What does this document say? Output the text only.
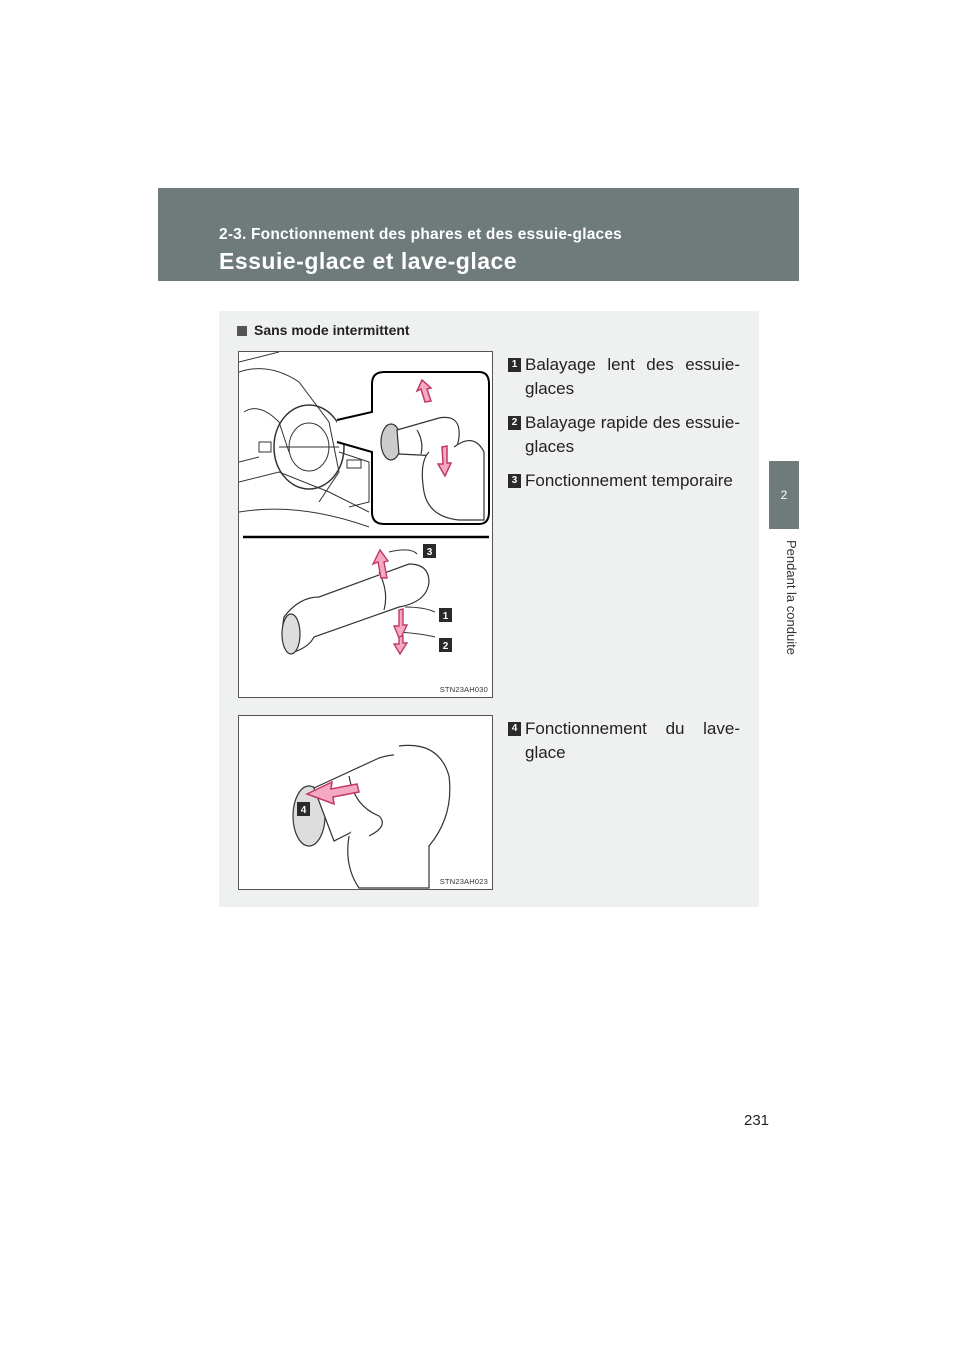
2-3. Fonctionnement des phares et des essuie-glaces
Essuie-glace et lave-glace
2
Pendant la conduite
Sans mode intermittent
3
1
2
STN23AH030
1 Balayage lent des essuie-glaces
2 Balayage rapide des essuie-glaces
3 Fonctionnement temporaire
4
STN23AH023
4 Fonctionnement du lave-glace
231
